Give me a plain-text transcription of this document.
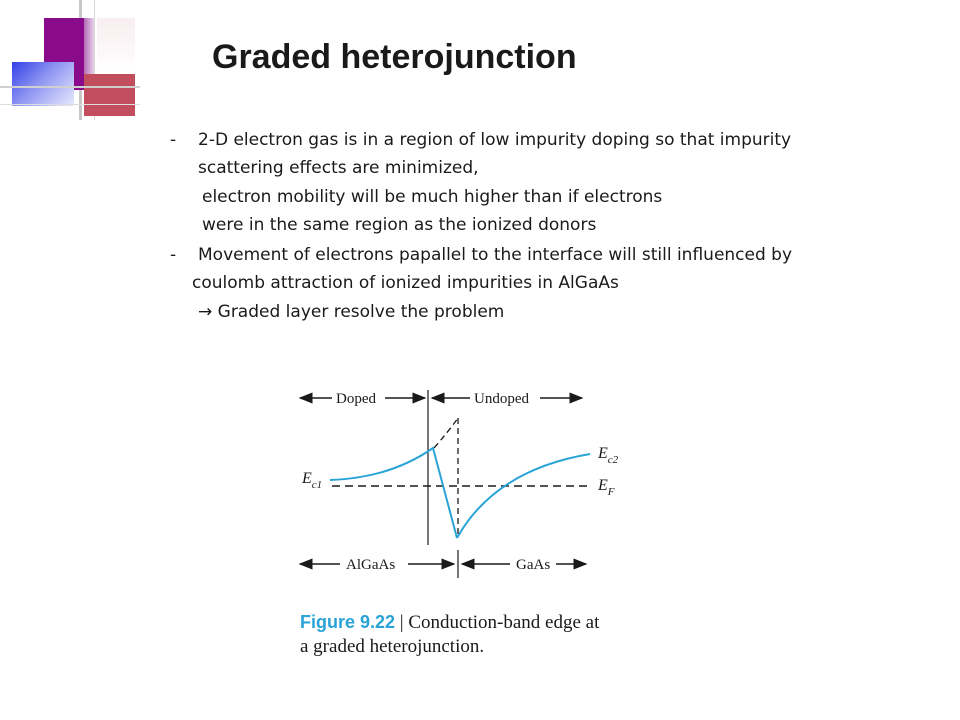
Graded heterojunction
- 2-D electron gas is in a region of low impurity doping so that impurity
scattering effects are minimized,
electron mobility will be much higher than if electrons
were in the same region as the ionized donors
- Movement of electrons papallel to the interface will still influenced by
coulomb attraction of ionized impurities in AlGaAs
→ Graded layer resolve the problem
Doped	Undoped
$E_{c1}$
$E_{c2}$
$E_F$
AlGaAs	GaAs
Figure 9.22 | Conduction-band edge at
a graded heterojunction.
